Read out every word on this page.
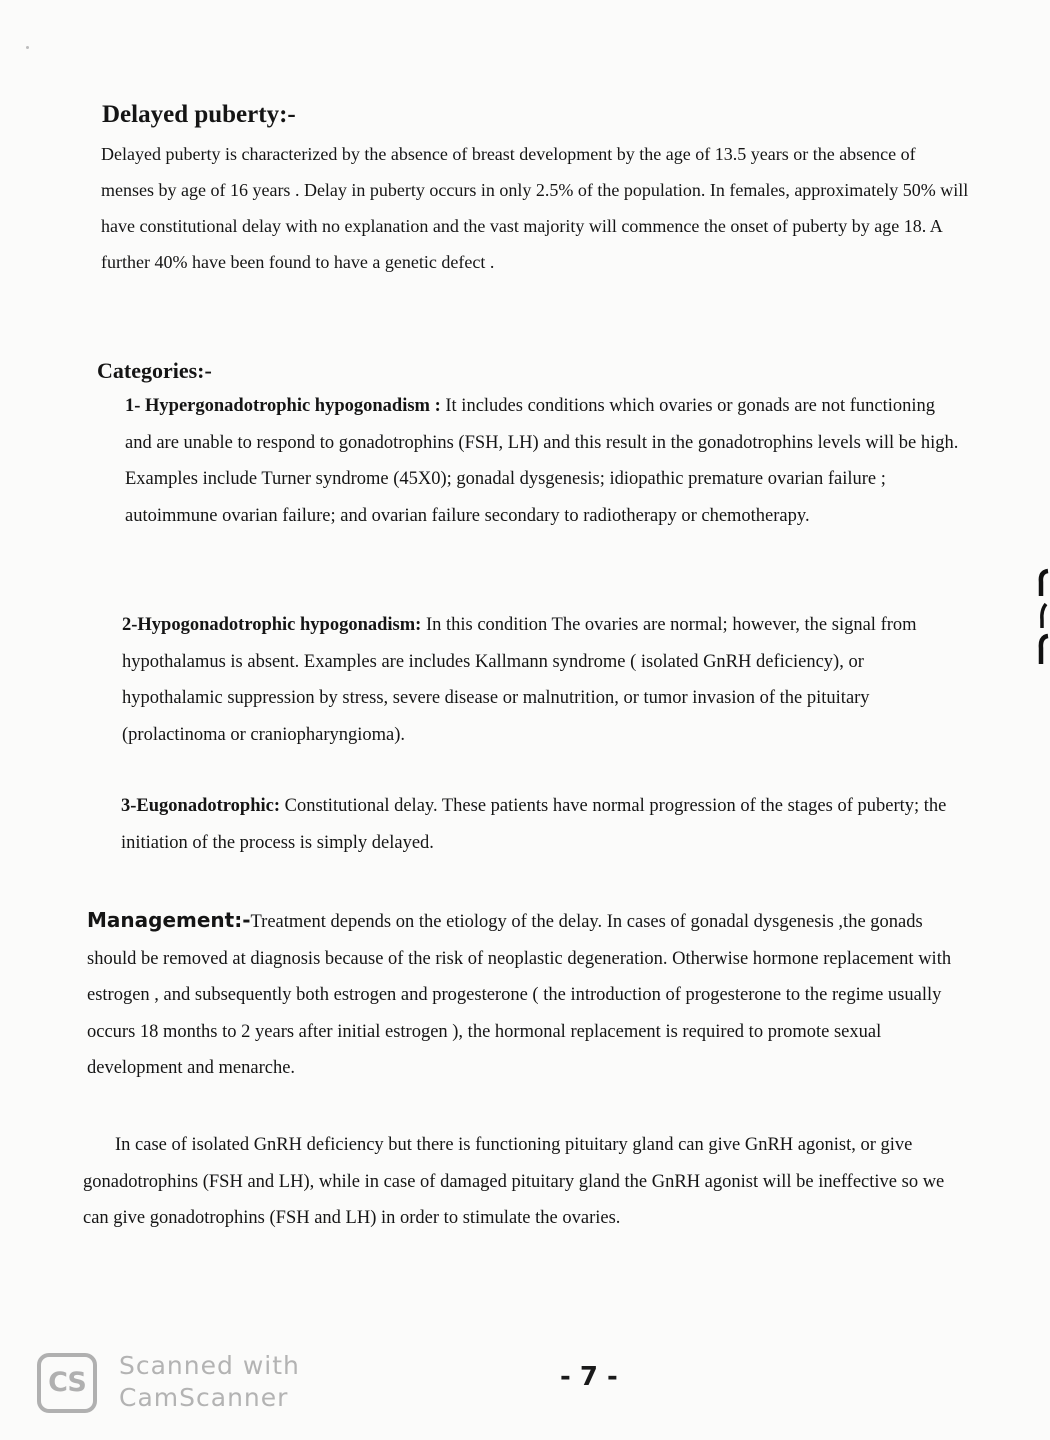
Delayed puberty:-

Delayed puberty is characterized by the absence of breast development by the age of 13.5 years or the absence of menses by age of 16 years . Delay in puberty occurs in only 2.5% of the population. In females, approximately 50% will have constitutional delay with no explanation and the vast majority will commence the onset of puberty by age 18. A further 40% have been found to have a genetic defect .

Categories:-

1- Hypergonadotrophic hypogonadism : It includes conditions which ovaries or gonads are not functioning and are unable to respond to gonadotrophins (FSH, LH) and this result in the gonadotrophins levels will be high. Examples include Turner syndrome (45X0); gonadal dysgenesis; idiopathic premature ovarian failure ; autoimmune ovarian failure; and ovarian failure secondary to radiotherapy or chemotherapy.

2-Hypogonadotrophic hypogonadism: In this condition The ovaries are normal; however, the signal from hypothalamus is absent. Examples are includes Kallmann syndrome ( isolated GnRH deficiency), or hypothalamic suppression by stress, severe disease or malnutrition, or tumor invasion of the pituitary (prolactinoma or craniopharyngioma).

3-Eugonadotrophic: Constitutional delay. These patients have normal progression of the stages of puberty; the initiation of the process is simply delayed.

Management:-Treatment depends on the etiology of the delay. In cases of gonadal dysgenesis ,the gonads should be removed at diagnosis because of the risk of neoplastic degeneration. Otherwise hormone replacement with estrogen , and subsequently both estrogen and progesterone ( the introduction of progesterone to the regime usually occurs 18 months to 2 years after initial estrogen ), the hormonal replacement is required to promote sexual development and menarche.

In case of isolated GnRH deficiency but there is functioning pituitary gland can give GnRH agonist, or give gonadotrophins (FSH and LH), while in case of damaged pituitary gland the GnRH agonist will be ineffective so we can give gonadotrophins (FSH and LH) in order to stimulate the ovaries.

CS
Scanned with
CamScanner
- 7 -
